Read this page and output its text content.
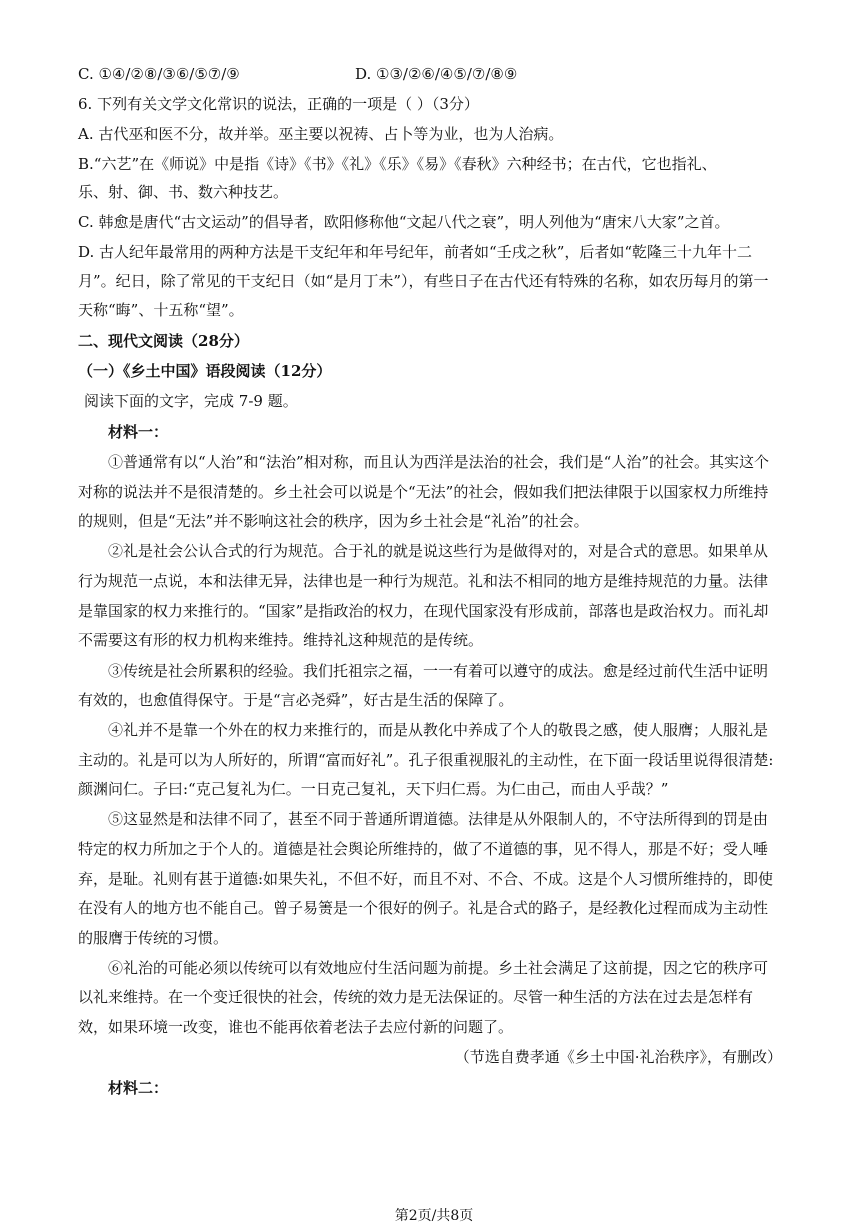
C. ①④/②⑧/③⑥/⑤⑦/⑨	D. ①③/②⑥/④⑤/⑦/⑧⑨
6. 下列有关文学文化常识的说法，正确的一项是（ ）（3分）
A. 古代巫和医不分，故并举。巫主要以祝祷、占卜等为业，也为人治病。
B.“六艺”在《师说》中是指《诗》《书》《礼》《乐》《易》《春秋》六种经书；在古代，它也指礼、
乐、射、御、书、数六种技艺。
C. 韩愈是唐代“古文运动”的倡导者，欧阳修称他“文起八代之衰”，明人列他为“唐宋八大家”之首。
D. 古人纪年最常用的两种方法是干支纪年和年号纪年，前者如“壬戌之秋”，后者如“乾隆三十九年十二
月”。纪日，除了常见的干支纪日（如“是月丁未”），有些日子在古代还有特殊的名称，如农历每月的第一
天称“晦”、十五称“望”。
二、现代文阅读（28分）
（一）《乡土中国》语段阅读（12分）
阅读下面的文字，完成 7-9 题。
材料一：
①普通常有以“人治”和“法治”相对称，而且认为西洋是法治的社会，我们是“人治”的社会。其实这个
对称的说法并不是很清楚的。乡土社会可以说是个“无法”的社会，假如我们把法律限于以国家权力所维持
的规则，但是“无法”并不影响这社会的秩序，因为乡土社会是“礼治”的社会。
②礼是社会公认合式的行为规范。合于礼的就是说这些行为是做得对的，对是合式的意思。如果单从
行为规范一点说，本和法律无异，法律也是一种行为规范。礼和法不相同的地方是维持规范的力量。法律
是靠国家的权力来推行的。“国家”是指政治的权力，在现代国家没有形成前，部落也是政治权力。而礼却
不需要这有形的权力机构来维持。维持礼这种规范的是传统。
③传统是社会所累积的经验。我们托祖宗之福，一一有着可以遵守的成法。愈是经过前代生活中证明
有效的，也愈值得保守。于是“言必尧舜”，好古是生活的保障了。
④礼并不是靠一个外在的权力来推行的，而是从教化中养成了个人的敬畏之感，使人服膺；人服礼是
主动的。礼是可以为人所好的，所谓“富而好礼”。孔子很重视服礼的主动性，在下面一段话里说得很清楚:
颜渊问仁。子曰:“克己复礼为仁。一日克己复礼，天下归仁焉。为仁由己，而由人乎哉？”
⑤这显然是和法律不同了，甚至不同于普通所谓道德。法律是从外限制人的，不守法所得到的罚是由
特定的权力所加之于个人的。道德是社会舆论所维持的，做了不道德的事，见不得人，那是不好；受人唾
弃，是耻。礼则有甚于道德:如果失礼，不但不好，而且不对、不合、不成。这是个人习惯所维持的，即使
在没有人的地方也不能自己。曾子易箦是一个很好的例子。礼是合式的路子，是经教化过程而成为主动性
的服膺于传统的习惯。
⑥礼治的可能必须以传统可以有效地应付生活问题为前提。乡土社会满足了这前提，因之它的秩序可
以礼来维持。在一个变迁很快的社会，传统的效力是无法保证的。尽管一种生活的方法在过去是怎样有
效，如果环境一改变，谁也不能再依着老法子去应付新的问题了。
（节选自费孝通《乡土中国·礼治秩序》，有删改）
材料二：
第2页/共8页
